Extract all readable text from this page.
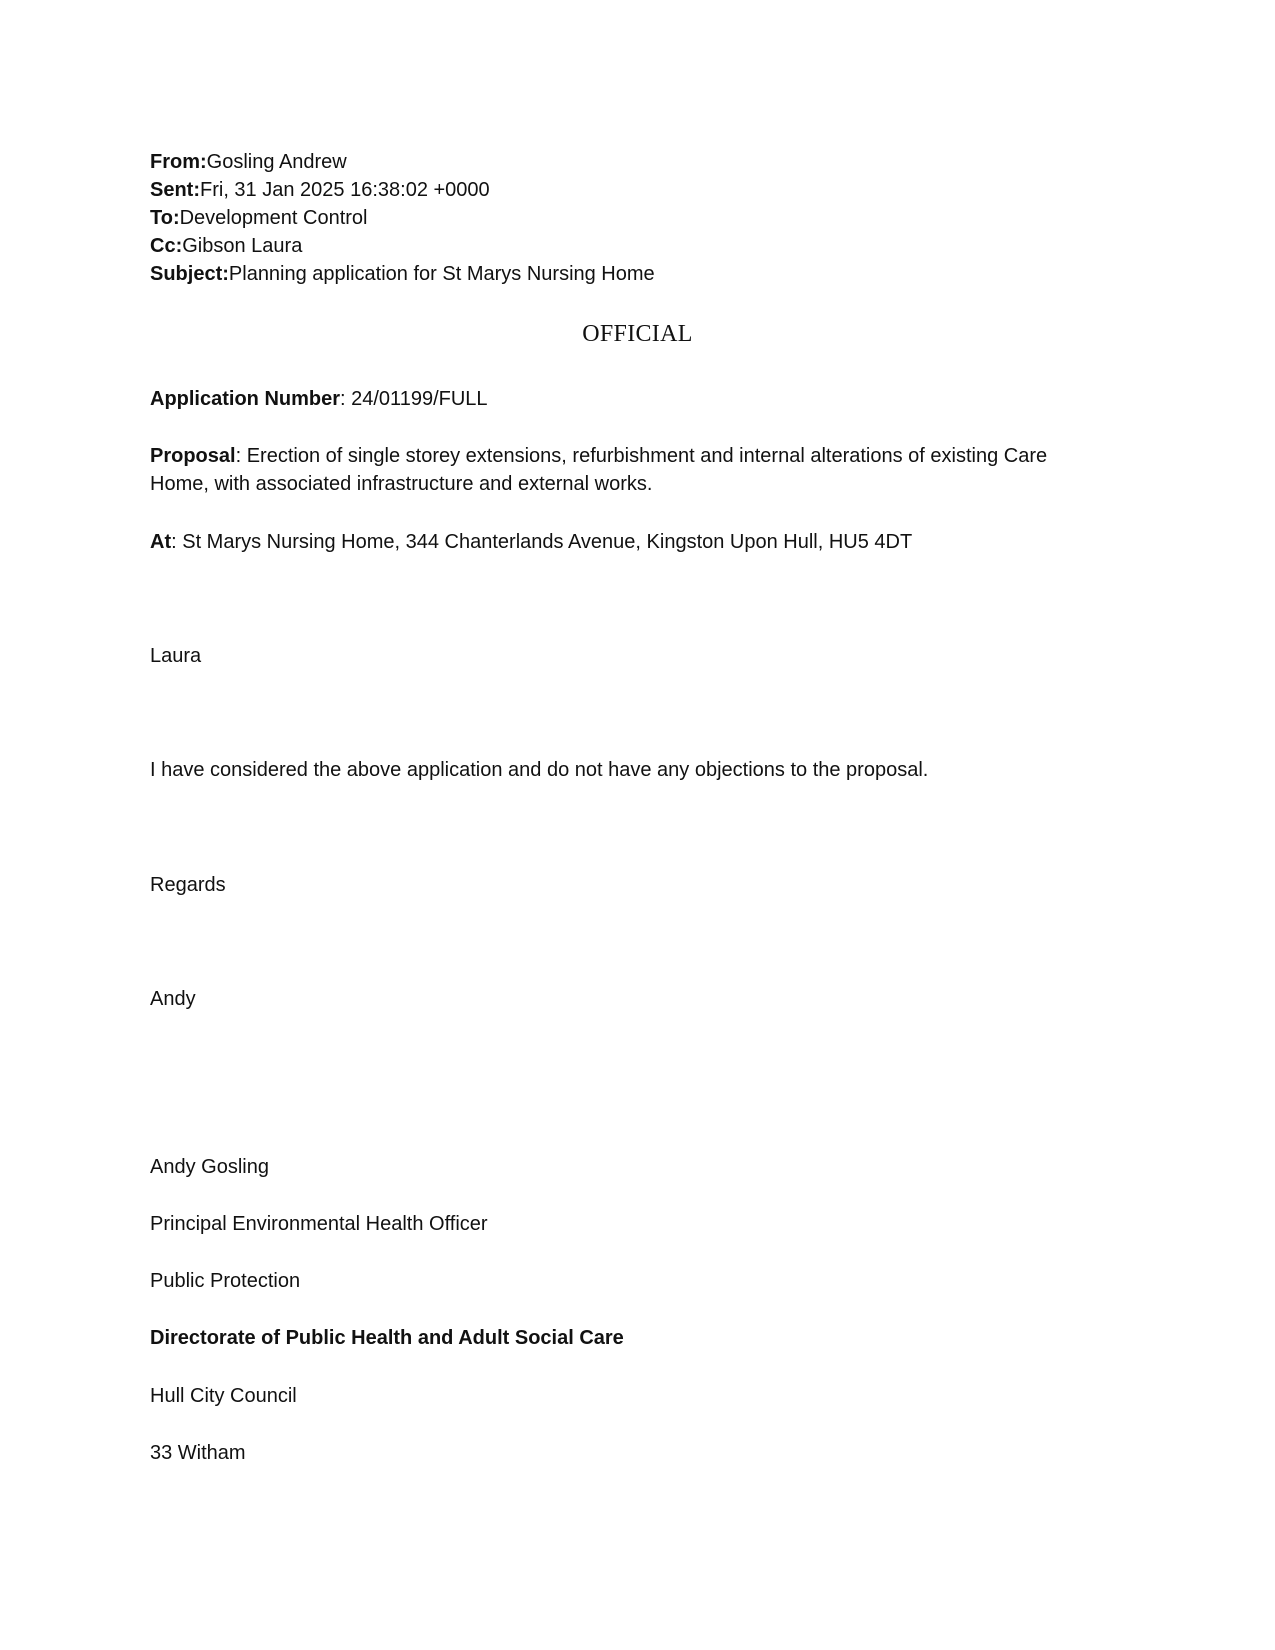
From:Gosling Andrew
Sent:Fri, 31 Jan 2025 16:38:02 +0000
To:Development Control
Cc:Gibson Laura
Subject:Planning application for St Marys Nursing Home
OFFICIAL
Application Number: 24/01199/FULL
Proposal: Erection of single storey extensions, refurbishment and internal alterations of existing Care
Home, with associated infrastructure and external works.
At: St Marys Nursing Home, 344 Chanterlands Avenue, Kingston Upon Hull, HU5 4DT
Laura
I have considered the above application and do not have any objections to the proposal.
Regards
Andy
Andy Gosling
Principal Environmental Health Officer
Public Protection
Directorate of Public Health and Adult Social Care
Hull City Council
33 Witham
